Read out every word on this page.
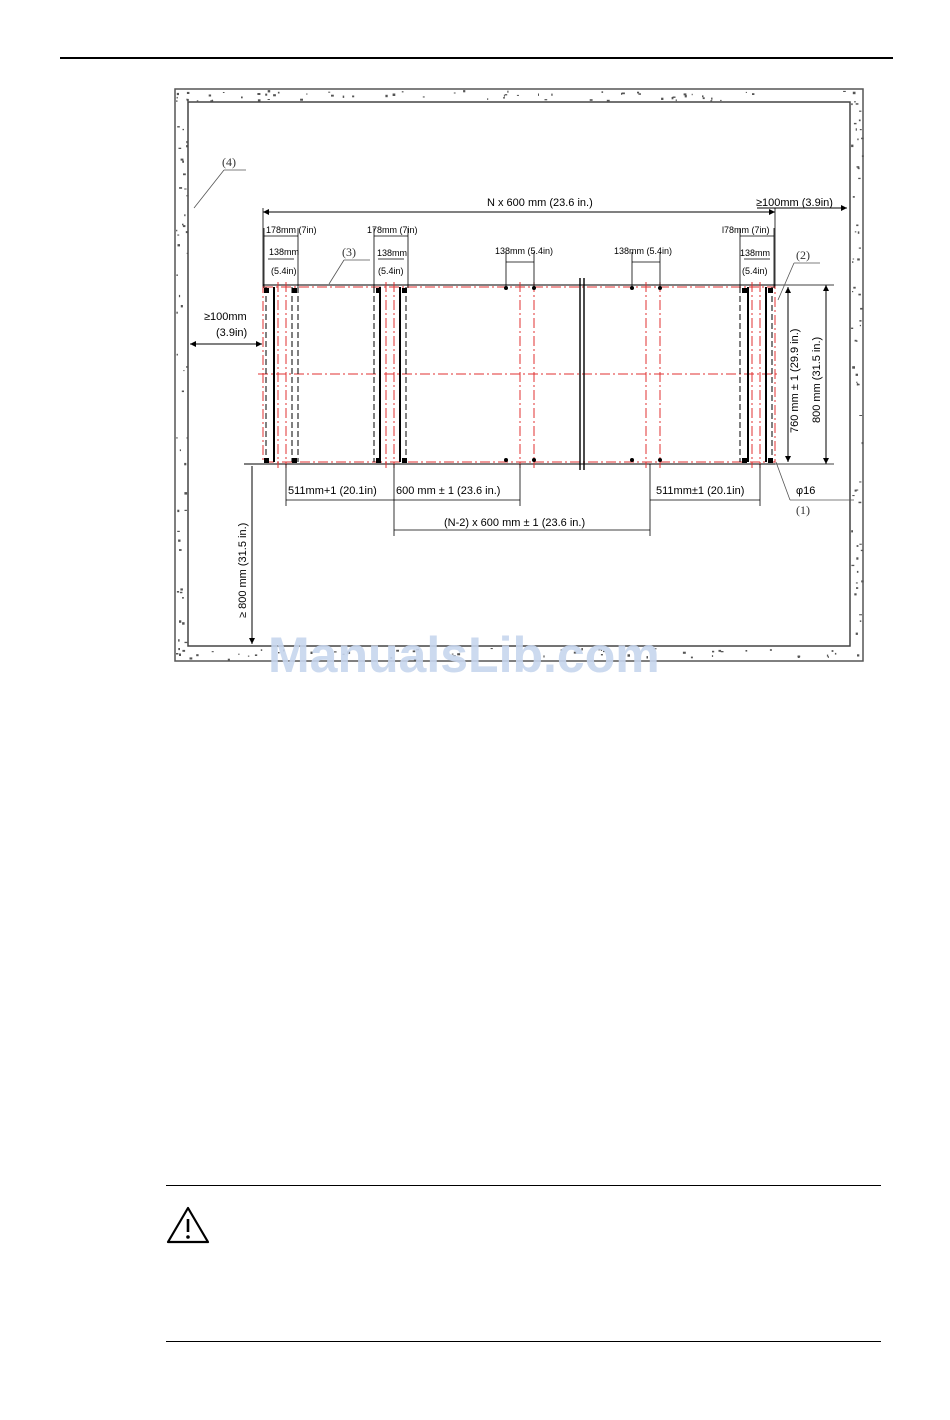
N x 600 mm (23.6 in.)	≥100mm (3.9in)
≥100mm
(3.9in)
178mm (7in)
138mm
(5.4in)
178mm (7in)
138mm
(5.4in)
138mm (5.4in)	138mm (5.4in)
l78mm (7in)
138mm
(5.4in)
760 mm ± 1 (29.9 in.) 800 mm (31.5 in.)
511mm+1 (20.1in) 600 mm ± 1 (23.6 in.)	511mm±1 (20.1in)
(N-2) x 600 mm ± 1 (23.6 in.)
≥ 800 mm (31.5 in.)
(4)
(3)	(2)
φ16
(1)
ManualsLib.com
